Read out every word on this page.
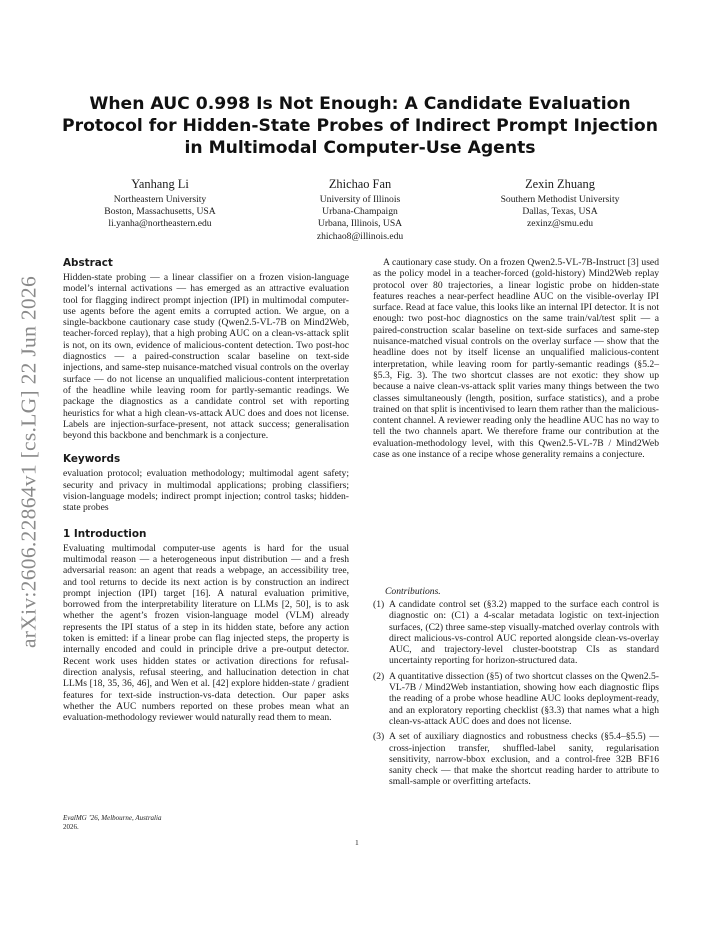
arXiv:2606.22864v1 [cs.LG] 22 Jun 2026
When AUC 0.998 Is Not Enough: A Candidate Evaluation Protocol for Hidden-State Probes of Indirect Prompt Injection in Multimodal Computer-Use Agents
Yanhang Li
Northeastern University
Boston, Massachusetts, USA
li.yanha@northeastern.edu
Zhichao Fan
University of Illinois
Urbana-Champaign
Urbana, Illinois, USA
zhichao8@illinois.edu
Zexin Zhuang
Southern Methodist University
Dallas, Texas, USA
zexinz@smu.edu
Abstract

Hidden-state probing — a linear classifier on a frozen vision-language model’s internal activations — has emerged as an attractive evaluation tool for flagging indirect prompt injection (IPI) in multimodal computer-use agents before the agent emits a corrupted action. We argue, on a single-backbone cautionary case study (Qwen2.5-VL-7B on Mind2Web, teacher-forced replay), that a high probing AUC on a clean-vs-attack split is not, on its own, evidence of malicious-content detection. Two post-hoc diagnostics — a paired-construction scalar baseline on text-side injections, and same-step nuisance-matched visual controls on the overlay surface — do not license an unqualified malicious-content interpretation of the headline while leaving room for partly-semantic readings. We package the diagnostics as a candidate control set with reporting heuristics for what a high clean-vs-attack AUC does and does not license. Labels are injection-surface-present, not attack success; generalisation beyond this backbone and benchmark is a conjecture.

Keywords

evaluation protocol; evaluation methodology; multimodal agent safety; security and privacy in multimodal applications; probing classifiers; vision-language models; indirect prompt injection; control tasks; hidden-state probes

1 Introduction

Evaluating multimodal computer-use agents is hard for the usual multimodal reason — a heterogeneous input distribution — and a fresh adversarial reason: an agent that reads a webpage, an accessibility tree, and tool returns to decide its next action is by construction an indirect prompt injection (IPI) target [16]. A natural evaluation primitive, borrowed from the interpretability literature on LLMs [2, 50], is to ask whether the agent’s frozen vision-language model (VLM) already represents the IPI status of a step in its hidden state, before any action token is emitted: if a linear probe can flag injected steps, the property is internally encoded and could in principle drive a pre-output detector. Recent work uses hidden states or activation directions for refusal-direction analysis, refusal steering, and hallucination detection in chat LLMs [18, 35, 36, 46], and Wen et al. [42] explore hidden-state / gradient features for text-side instruction-vs-data detection. Our paper asks whether the AUC numbers reported on these probes mean what an evaluation-methodology reviewer would naturally read them to mean.

A cautionary case study. On a frozen Qwen2.5-VL-7B-Instruct [3] used as the policy model in a teacher-forced (gold-history) Mind2Web replay protocol over 80 trajectories, a linear logistic probe on hidden-state features reaches a near-perfect headline AUC on the visible-overlay IPI surface. Read at face value, this looks like an internal IPI detector. It is not enough: two post-hoc diagnostics on the same train/val/test split — a paired-construction scalar baseline on text-side surfaces and same-step nuisance-matched visual controls on the overlay surface — show that the headline does not by itself license an unqualified malicious-content interpretation, while leaving room for partly-semantic readings (§5.2–§5.3, Fig. 3). The two shortcut classes are not exotic: they show up because a naive clean-vs-attack split varies many things between the two classes simultaneously (length, position, surface statistics), and a probe trained on that split is incentivised to learn them rather than the malicious-content channel. A reviewer reading only the headline AUC has no way to tell the two channels apart. We therefore frame our contribution at the evaluation-methodology level, with this Qwen2.5-VL-7B / Mind2Web case as one instance of a recipe whose generality remains a conjecture.

Contributions.
(1) A candidate control set (§3.2) mapped to the surface each control is diagnostic on: (C1) a 4-scalar metadata logistic on text-injection surfaces, (C2) three same-step visually-matched overlay controls with direct malicious-vs-control AUC reported alongside clean-vs-overlay AUC, and trajectory-level cluster-bootstrap CIs as standard uncertainty reporting for horizon-structured data.
(2) A quantitative dissection (§5) of two shortcut classes on the Qwen2.5-VL-7B / Mind2Web instantiation, showing how each diagnostic flips the reading of a probe whose headline AUC looks deployment-ready, and an exploratory reporting checklist (§3.3) that names what a high clean-vs-attack AUC does and does not license.
(3) A set of auxiliary diagnostics and robustness checks (§5.4–§5.5) — cross-injection transfer, shuffled-label sanity, regularisation sensitivity, narrow-bbox exclusion, and a control-free 32B BF16 sanity check — that make the shortcut reading harder to attribute to small-sample or overfitting artefacts.
EvalMG ’26, Melbourne, Australia
2026.
1
